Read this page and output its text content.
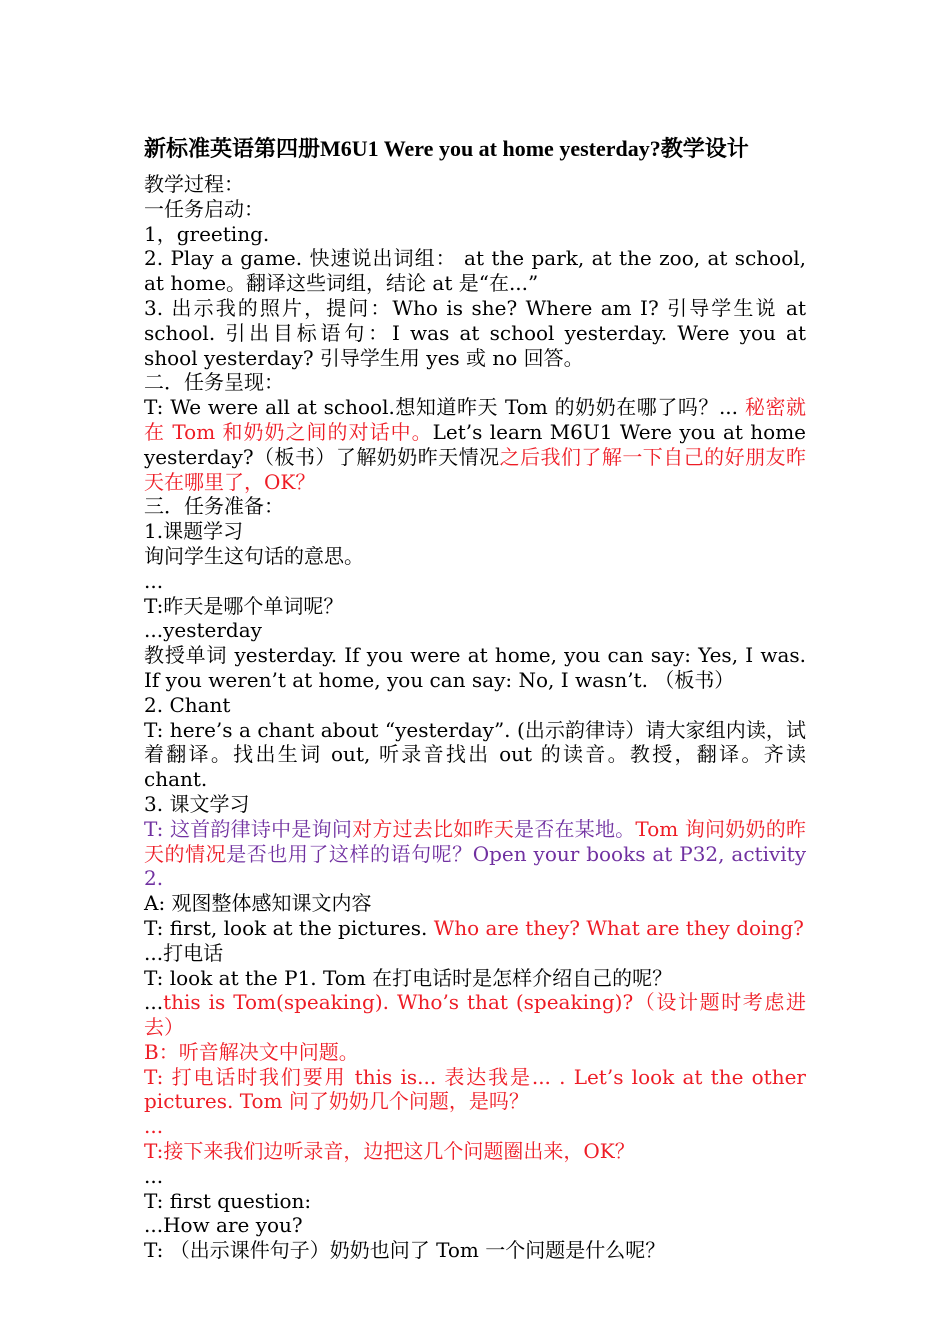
新标准英语第四册M6U1 Were you at home yesterday?教学设计

教学过程：

一任务启动：

1，greeting.

2. Play a game. 快速说出词组： at the park, at the zoo, at school, at home。翻译这些词组，结论 at 是“在...”

3. 出示我的照片，提问：Who is she? Where am I? 引导学生说 at school. 引出目标语句：I was at school yesterday. Were you at shool yesterday? 引导学生用 yes 或 no 回答。

二．任务呈现：

T: We were all at school.想知道昨天 Tom 的奶奶在哪了吗？... 秘密就在 Tom 和奶奶之间的对话中。Let’s learn M6U1 Were you at home yesterday?（板书）了解奶奶昨天情况之后我们了解一下自己的好朋友昨天在哪里了，OK？

三．任务准备：

1.课题学习

询问学生这句话的意思。

...

T:昨天是哪个单词呢？

...yesterday

教授单词 yesterday. If you were at home, you can say: Yes, I was. If you weren’t at home, you can say: No, I wasn’t. （板书）

2. Chant

T: here’s a chant about “yesterday”. (出示韵律诗）请大家组内读，试着翻译。找出生词 out, 听录音找出 out 的读音。教授，翻译。齐读 chant.

3. 课文学习

T: 这首韵律诗中是询问对方过去比如昨天是否在某地。Tom 询问奶奶的昨天的情况是否也用了这样的语句呢？Open your books at P32, activity 2.

A: 观图整体感知课文内容

T: first, look at the pictures. Who are they? What are they doing?

...打电话

T: look at the P1. Tom 在打电话时是怎样介绍自己的呢？

...this is Tom(speaking). Who’s that (speaking)?（设计题时考虑进去）

B：听音解决文中问题。

T: 打电话时我们要用 this is... 表达我是... . Let’s look at the other pictures. Tom 问了奶奶几个问题，是吗？

...

T:接下来我们边听录音，边把这几个问题圈出来，OK？

...

T: first question:

...How are you?

T: （出示课件句子）奶奶也问了 Tom 一个问题是什么呢？
